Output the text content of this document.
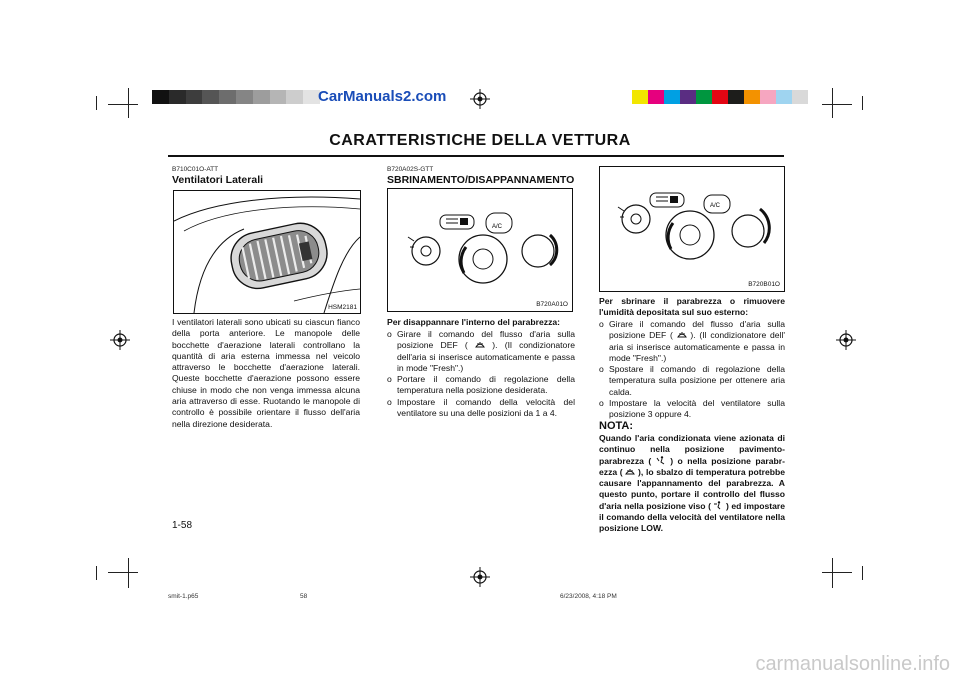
CarManuals2.com
CARATTERISTICHE DELLA VETTURA
B710C01O-ATT
Ventilatori Laterali
HSM2181
I ventilatori laterali sono ubicati su ciascun fianco della porta anteriore. Le manopole delle bocchette d'aerazione laterali controllano la quantità di aria esterna immessa nel veicolo attraverso le bocchette d'aerazione laterali. Queste bocchette d'aerazione possono essere chiuse in modo che non venga immessa alcuna aria attraverso di esse. Ruotando le manopole di controllo è possibile orientare il flusso dell'aria nella direzione desiderata.
1-58
B720A02S-GTT
SBRINAMENTO/DISAPPANNAMENTO
A/C
B720A01O
Per disappannare l'interno del parabrezza:
o Girare il comando del flusso d'aria sulla posizione DEF (	). (Il condizionatore dell'aria si inserisce automaticamente e passa in mode "Fresh".)
o Portare il comando di regolazione della temperatura nella posizione desiderata.
o Impostare il comando della velocità del ventilatore su una delle posizioni da 1 a 4.
A/C
B720B01O
Per sbrinare il parabrezza o rimuovere l'umidità depositata sul suo esterno:
o Girare il comando del flusso d'aria sulla posizione DEF ( ). (Il condizionatore dell' aria si inserisce automaticamente e passa in mode "Fresh".)
o Spostare il comando di regolazione della temperatura sulla posizione per ottenere aria calda.
o Impostare la velocità del ventilatore sulla posizione 3 oppure 4.
NOTA:
Quando l'aria condizionata viene azionata di continuo nella posizione pavimento-parabrezza ( ) o nella posizione parabr-ezza ( ), lo sbalzo di temperatura potrebbe causare l'appannamento del parabrezza. A questo punto, portare il controllo del flusso d'aria nella posizione viso ( ) ed impostare il comando della velocità del ventilatore nella posizione LOW.
smit-1.p65	58	6/23/2008, 4:18 PM
carmanualsonline.info
